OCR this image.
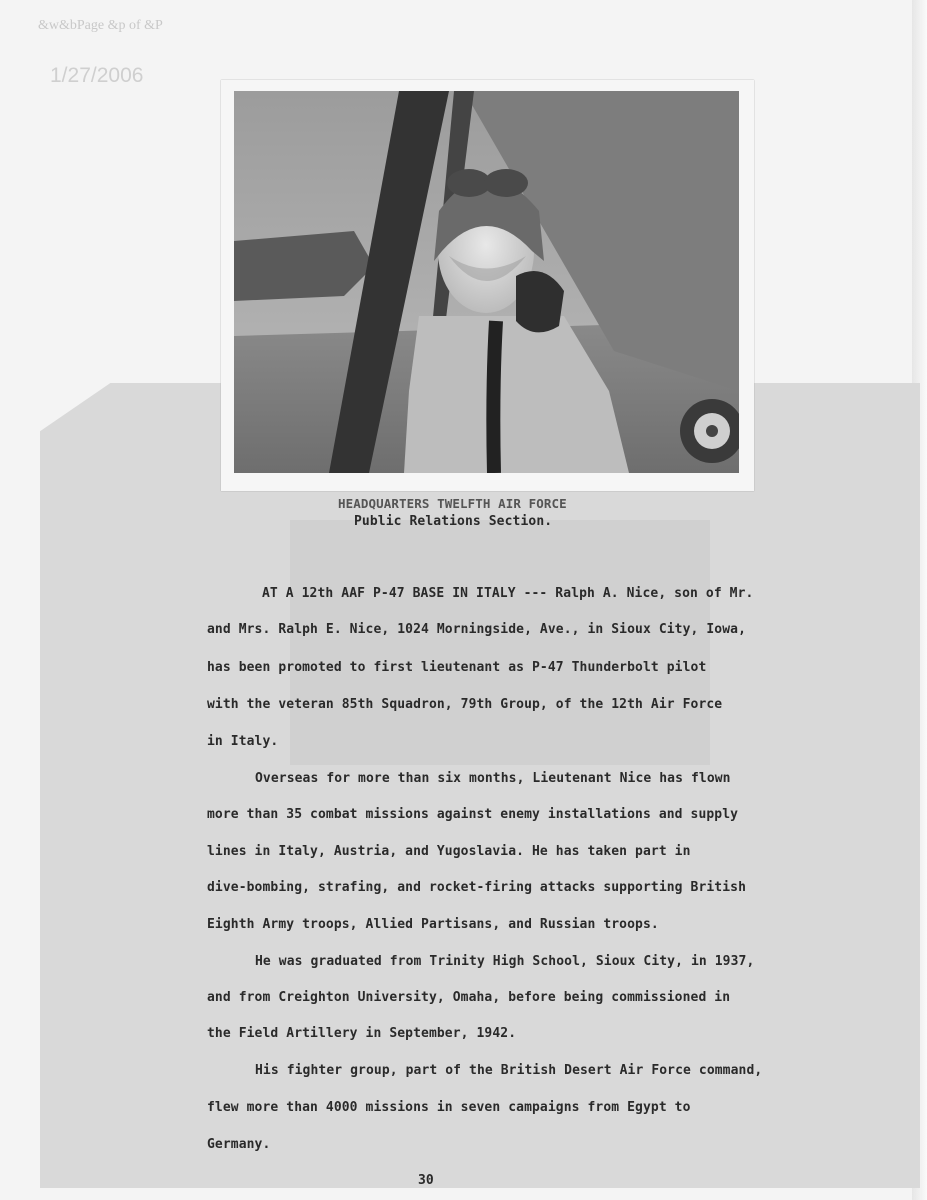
&w&bPage &p of &P
1/27/2006
HEADQUARTERS TWELFTH AIR FORCE
Public Relations Section.
AT A 12th AAF P-47 BASE IN ITALY --- Ralph A. Nice, son of Mr.
and Mrs. Ralph E. Nice, 1024 Morningside, Ave., in Sioux City, Iowa,
has been promoted to first lieutenant as P-47 Thunderbolt pilot
with the veteran 85th Squadron, 79th Group, of the 12th Air Force
in Italy.
Overseas for more than six months, Lieutenant Nice has flown
more than 35 combat missions against enemy installations and supply
lines in Italy, Austria, and Yugoslavia. He has taken part in
dive-bombing, strafing, and rocket-firing attacks supporting British
Eighth Army troops, Allied Partisans, and Russian troops.
He was graduated from Trinity High School, Sioux City, in 1937,
and from Creighton University, Omaha, before being commissioned in
the Field Artillery in September, 1942.
His fighter group, part of the British Desert Air Force command,
flew more than 4000 missions in seven campaigns from Egypt to
Germany.
30
